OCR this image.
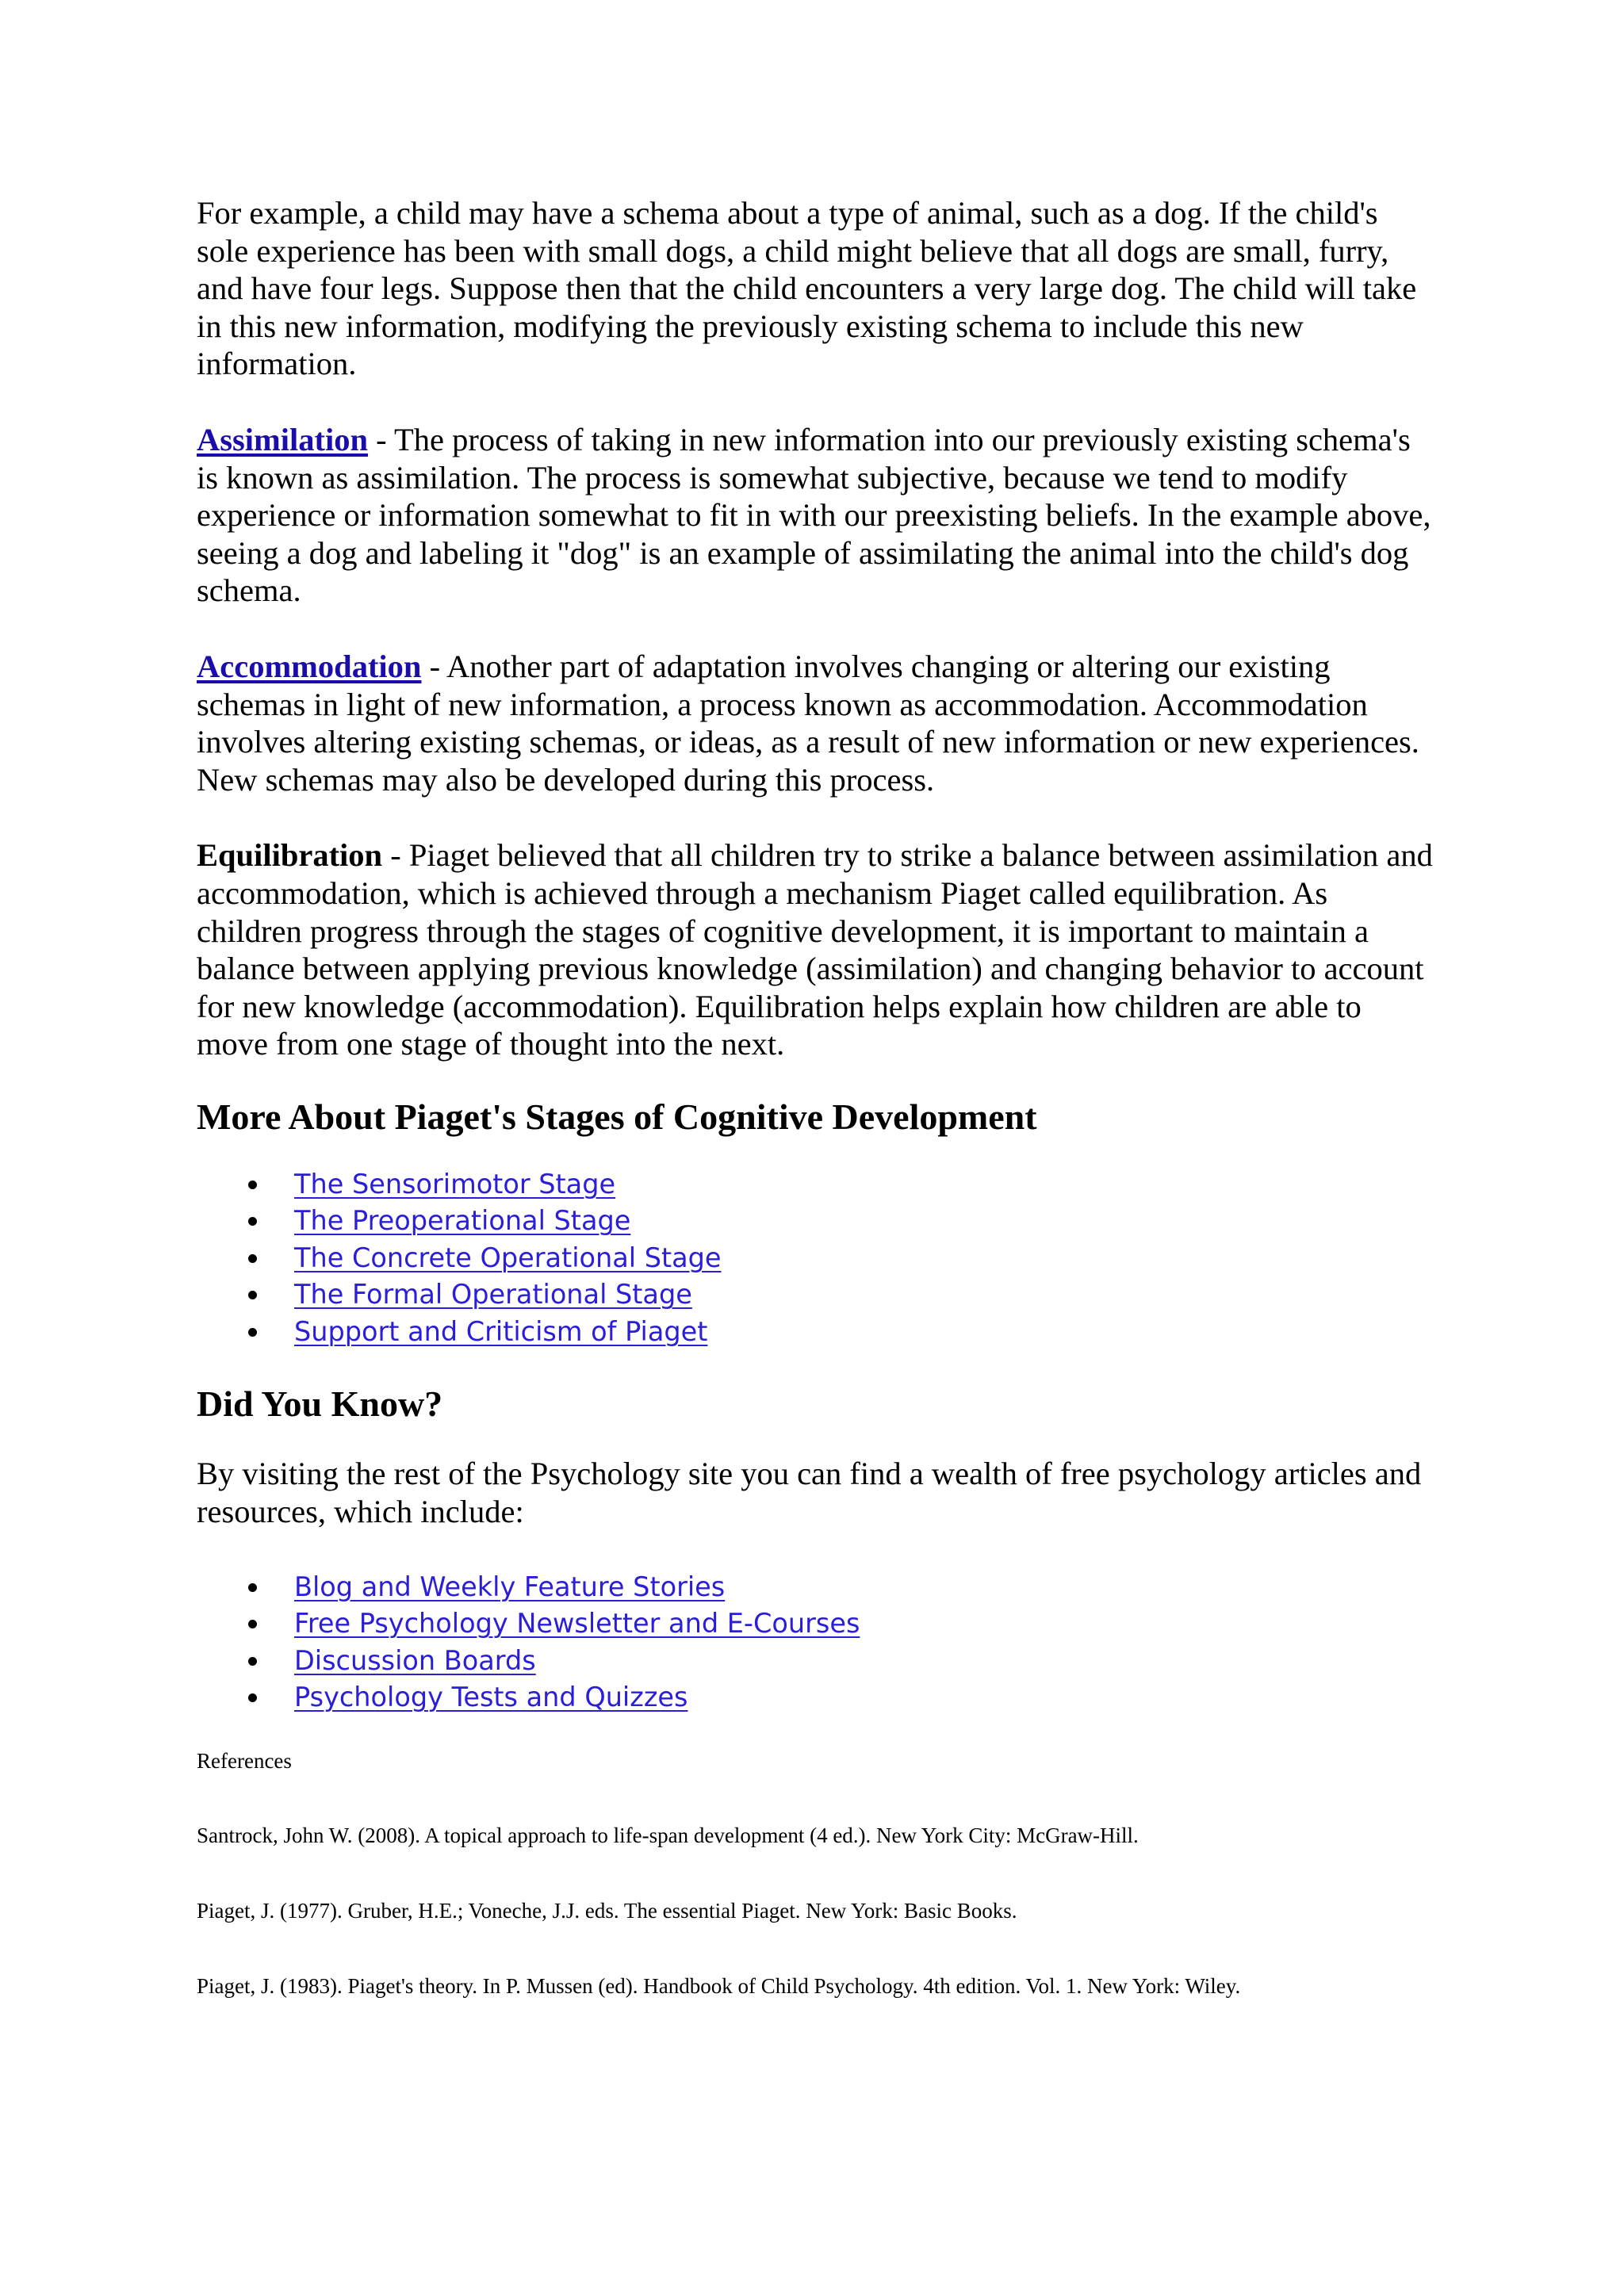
For example, a child may have a schema about a type of animal, such as a dog. If the child's sole experience has been with small dogs, a child might believe that all dogs are small, furry, and have four legs. Suppose then that the child encounters a very large dog. The child will take in this new information, modifying the previously existing schema to include this new information.

Assimilation - The process of taking in new information into our previously existing schema's is known as assimilation. The process is somewhat subjective, because we tend to modify experience or information somewhat to fit in with our preexisting beliefs. In the example above, seeing a dog and labeling it "dog" is an example of assimilating the animal into the child's dog schema.

Accommodation - Another part of adaptation involves changing or altering our existing schemas in light of new information, a process known as accommodation. Accommodation involves altering existing schemas, or ideas, as a result of new information or new experiences. New schemas may also be developed during this process.

Equilibration - Piaget believed that all children try to strike a balance between assimilation and accommodation, which is achieved through a mechanism Piaget called equilibration. As children progress through the stages of cognitive development, it is important to maintain a balance between applying previous knowledge (assimilation) and changing behavior to account for new knowledge (accommodation). Equilibration helps explain how children are able to move from one stage of thought into the next.

More About Piaget's Stages of Cognitive Development
The Sensorimotor Stage
The Preoperational Stage
The Concrete Operational Stage
The Formal Operational Stage
Support and Criticism of Piaget
Did You Know?

By visiting the rest of the Psychology site you can find a wealth of free psychology articles and resources, which include:

Blog and Weekly Feature Stories
Free Psychology Newsletter and E-Courses
Discussion Boards
Psychology Tests and Quizzes

References

Santrock, John W. (2008). A topical approach to life-span development (4 ed.). New York City: McGraw-Hill.

Piaget, J. (1977). Gruber, H.E.; Voneche, J.J. eds. The essential Piaget. New York: Basic Books.

Piaget, J. (1983). Piaget's theory. In P. Mussen (ed). Handbook of Child Psychology. 4th edition. Vol. 1. New York: Wiley.
